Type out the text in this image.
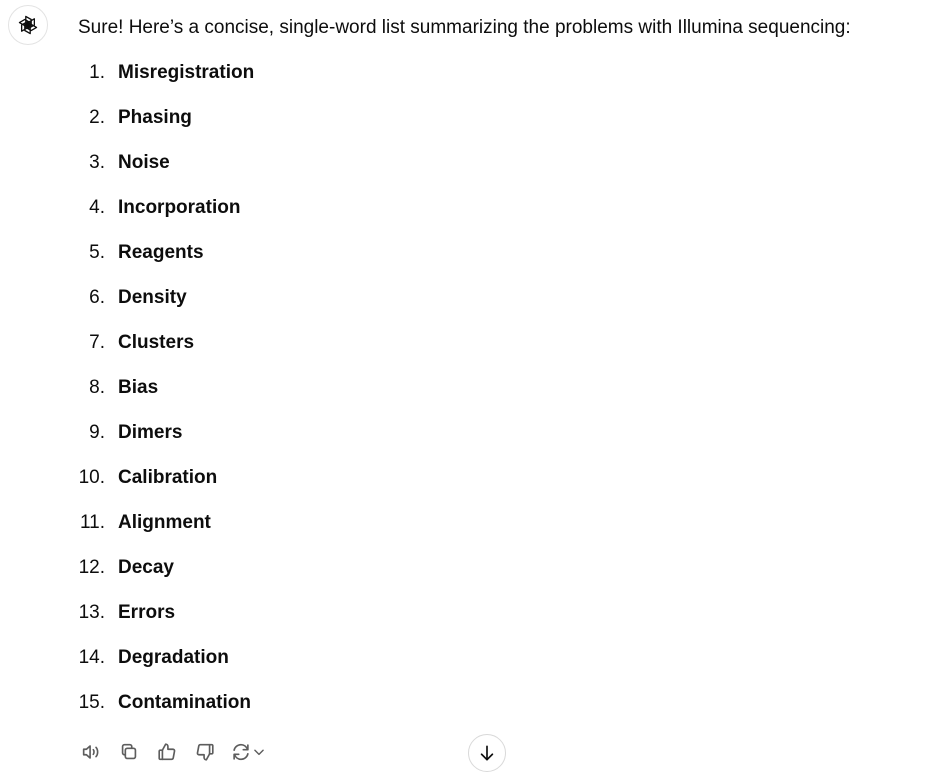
Sure! Here’s a concise, single-word list summarizing the problems with Illumina sequencing:

1. Misregistration
2. Phasing
3. Noise
4. Incorporation
5. Reagents
6. Density
7. Clusters
8. Bias
9. Dimers
10. Calibration
11. Alignment
12. Decay
13. Errors
14. Degradation
15. Contamination
